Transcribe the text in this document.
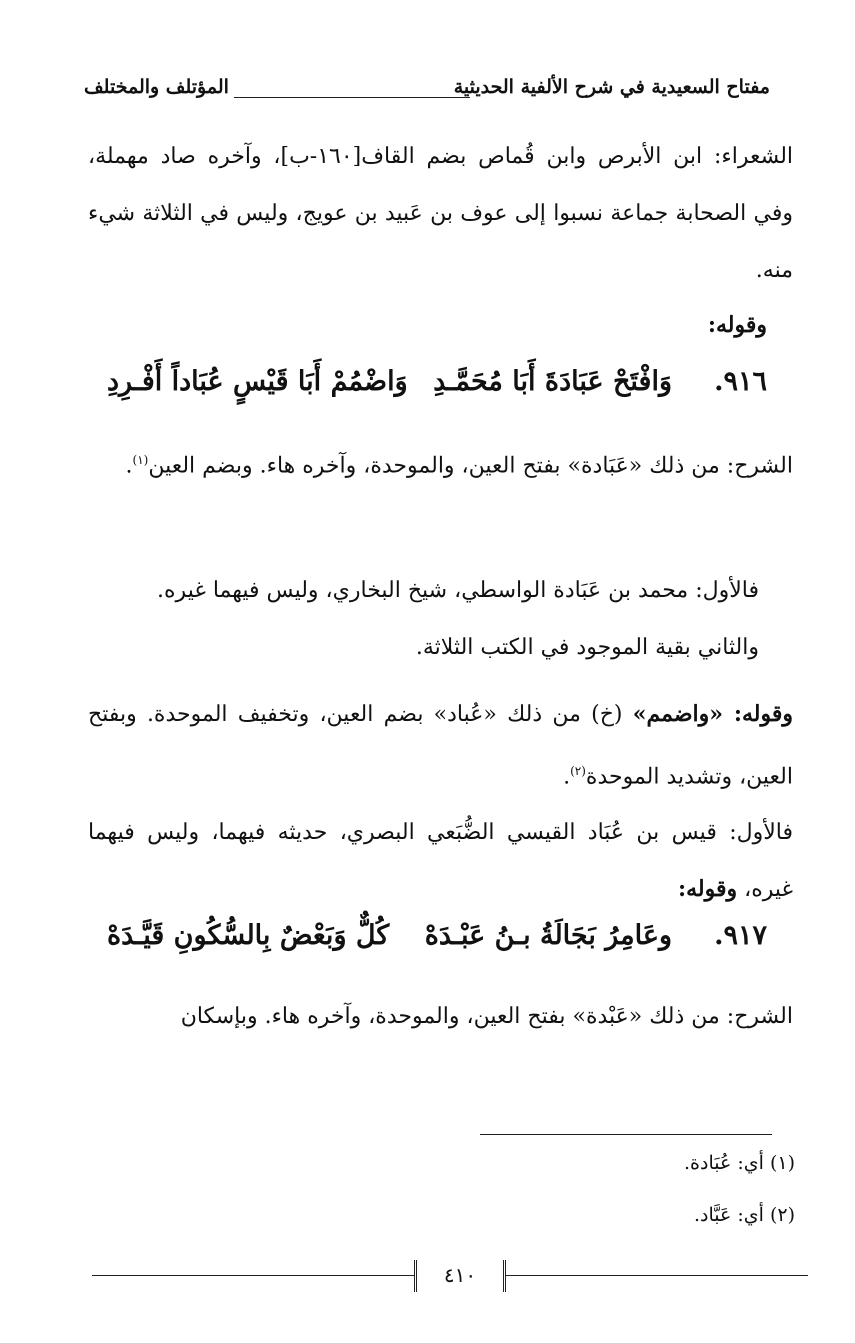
مفتاح السعيدية في شرح الألفية الحديثية
المؤتلف والمختلف

الشعراء: ابن الأبرص وابن قُماص بضم القاف[١٦٠-ب]، وآخره صاد مهملة، وفي الصحابة جماعة نسبوا إلى عوف بن عَبيد بن عويج، وليس في الثلاثة شيء منه.

وقوله:
٩١٦.
وَافْتَحْ عَبَادَةَ أَبَا مُحَمَّـدِ
وَاضْمُمْ أَبَا قَيْسٍ عُبَاداً أَفْـرِدِ

الشرح: من ذلك «عَبَادة» بفتح العين، والموحدة، وآخره هاء. وبضم العين$^{(١)}$.

فالأول: محمد بن عَبَادة الواسطي، شيخ البخاري، وليس فيهما غيره.

والثاني بقية الموجود في الكتب الثلاثة.

وقوله: «واضمم» (خ) من ذلك «عُباد» بضم العين، وتخفيف الموحدة. وبفتح العين، وتشديد الموحدة$^{(٢)}$.

فالأول: قيس بن عُبَاد القيسي الضُّبَعي البصري، حديثه فيهما، وليس فيهما غيره، وقوله:

٩١٧.
وعَامِرُ بَجَالَةُ بـنُ عَبْـدَهْ
كُلٌّ وَبَعْضٌ بِالسُّكُونِ قَيَّـدَهْ

الشرح: من ذلك «عَبْدة» بفتح العين، والموحدة، وآخره هاء. وبإسكان

(١) أي: عُبَادة.
(٢) أي: عَبَّاد.
٤١٠
